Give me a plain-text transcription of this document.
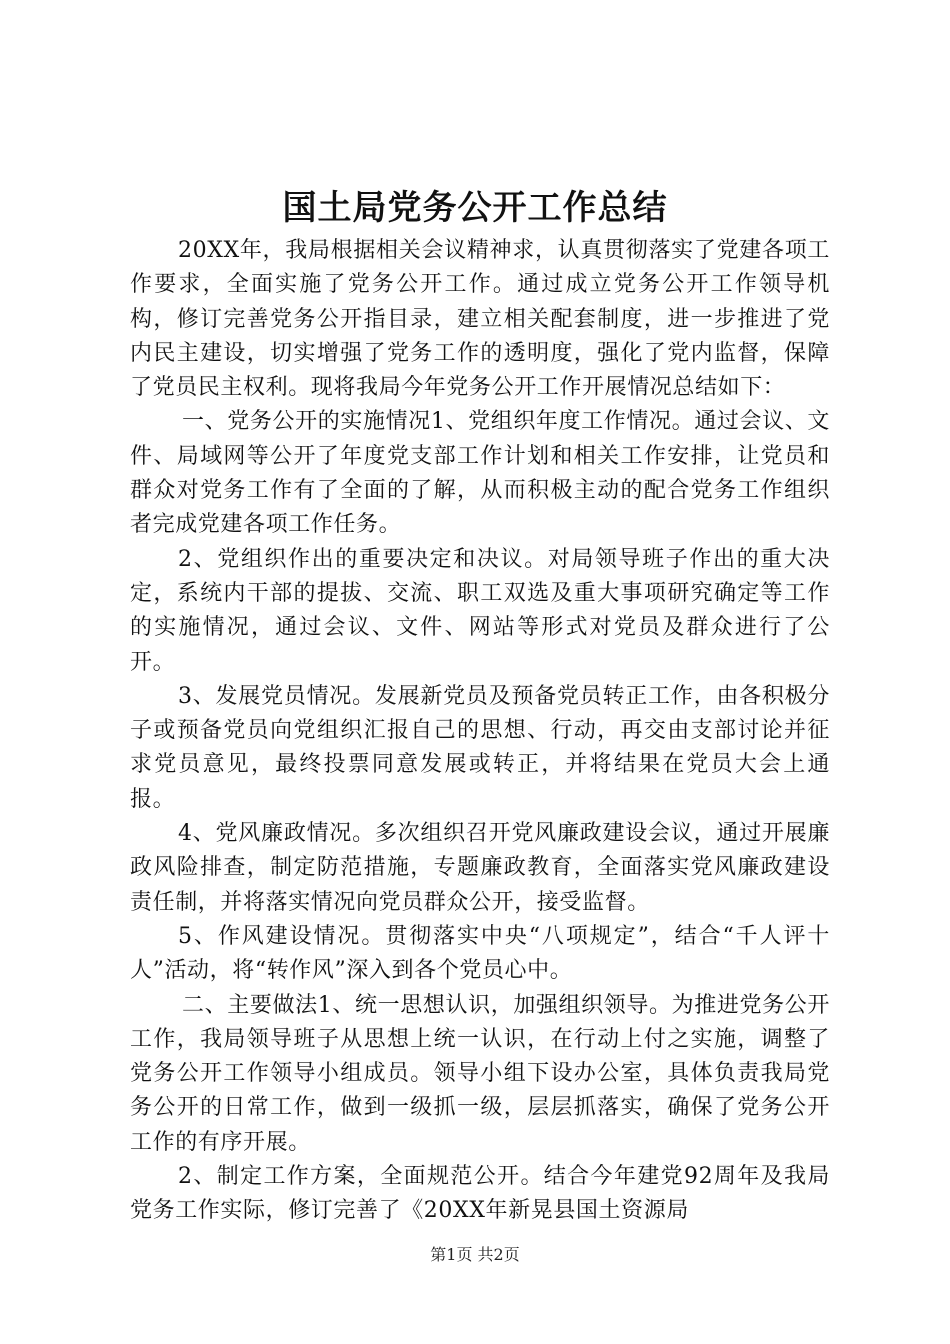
国土局党务公开工作总结

20XX年，我局根据相关会议精神求，认真贯彻落实了党建各项工作要求，全面实施了党务公开工作。通过成立党务公开工作领导机构，修订完善党务公开指目录，建立相关配套制度，进一步推进了党内民主建设，切实增强了党务工作的透明度，强化了党内监督，保障了党员民主权利。现将我局今年党务公开工作开展情况总结如下：

一、党务公开的实施情况1、党组织年度工作情况。通过会议、文件、局域网等公开了年度党支部工作计划和相关工作安排，让党员和群众对党务工作有了全面的了解，从而积极主动的配合党务工作组织者完成党建各项工作任务。

2、党组织作出的重要决定和决议。对局领导班子作出的重大决定，系统内干部的提拔、交流、职工双选及重大事项研究确定等工作的实施情况，通过会议、文件、网站等形式对党员及群众进行了公开。

3、发展党员情况。发展新党员及预备党员转正工作，由各积极分子或预备党员向党组织汇报自己的思想、行动，再交由支部讨论并征求党员意见，最终投票同意发展或转正，并将结果在党员大会上通报。

4、党风廉政情况。多次组织召开党风廉政建设会议，通过开展廉政风险排查，制定防范措施，专题廉政教育，全面落实党风廉政建设责任制，并将落实情况向党员群众公开，接受监督。

5、作风建设情况。贯彻落实中央“八项规定”，结合“千人评十人”活动，将“转作风”深入到各个党员心中。

二、主要做法1、统一思想认识，加强组织领导。为推进党务公开工作，我局领导班子从思想上统一认识，在行动上付之实施，调整了党务公开工作领导小组成员。领导小组下设办公室，具体负责我局党务公开的日常工作，做到一级抓一级，层层抓落实，确保了党务公开工作的有序开展。

2、制定工作方案，全面规范公开。结合今年建党92周年及我局党务工作实际，修订完善了《20XX年新晃县国土资源局

第1页 共2页
